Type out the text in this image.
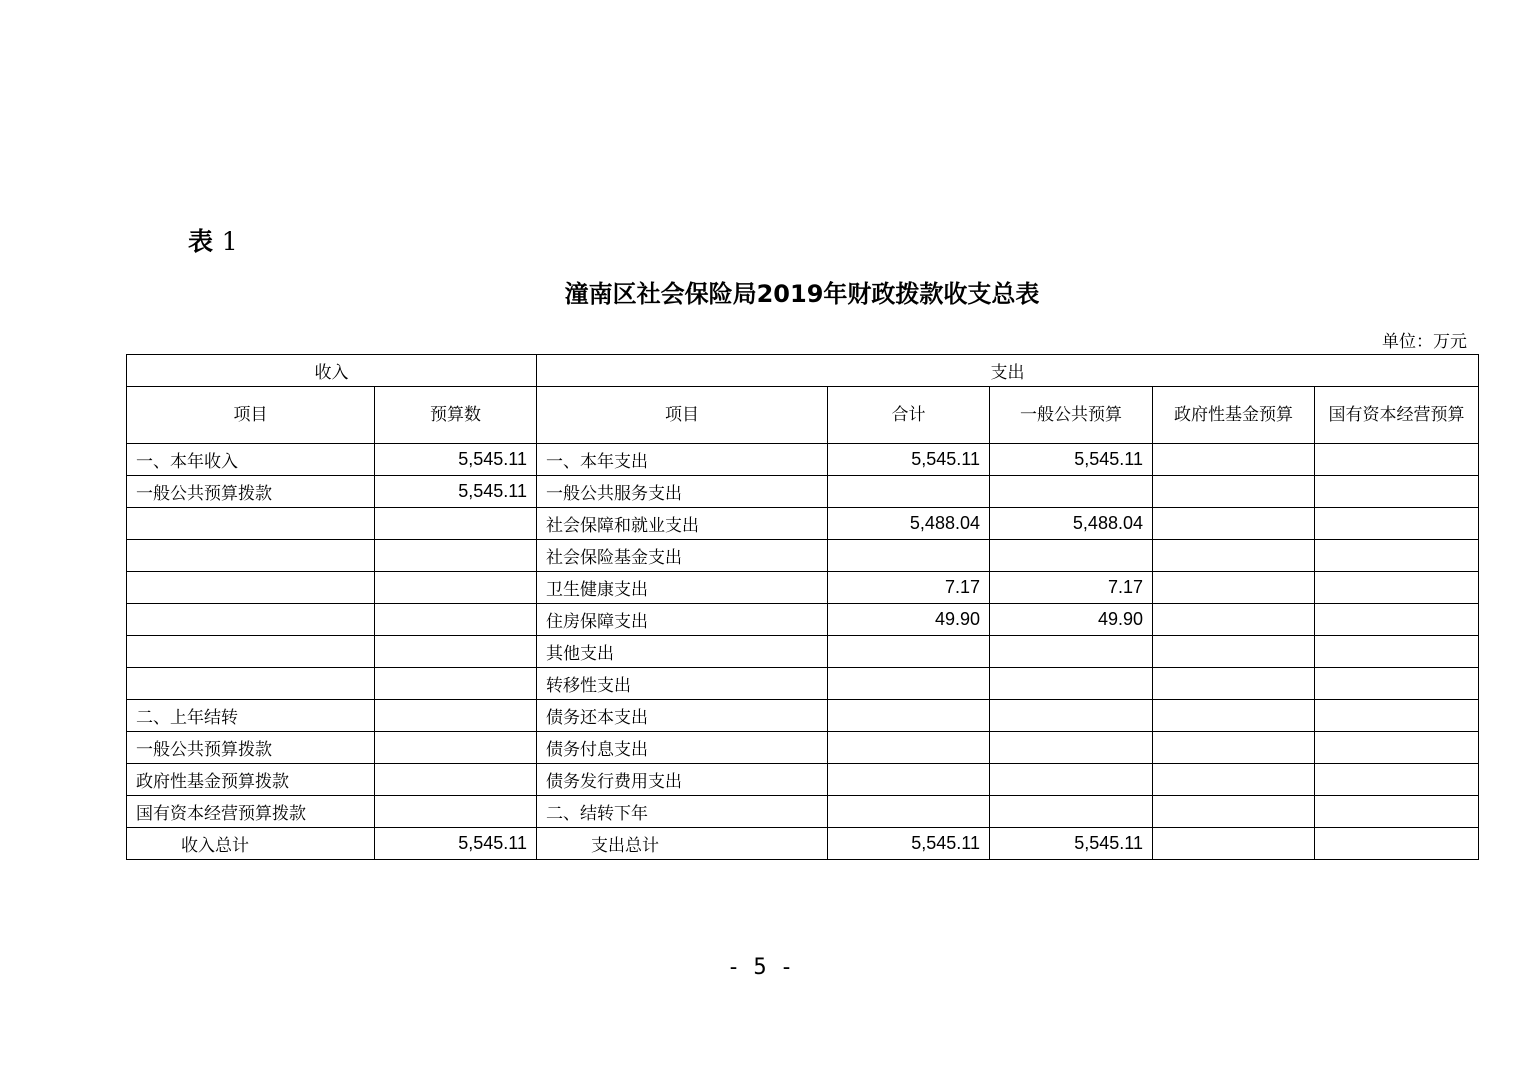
表 1
潼南区社会保险局2019年财政拨款收支总表
单位：万元
收入		支出				
项目	预算数	项目	合计	一般公共预算	政府性基金预算	国有资本经营预算
一、本年收入	5,545.11	一、本年支出	5,545.11	5,545.11		
一般公共预算拨款	5,545.11	一般公共服务支出				
		社会保障和就业支出	5,488.04	5,488.04		
		社会保险基金支出				
		卫生健康支出	7.17	7.17		
		住房保障支出	49.90	49.90		
		其他支出				
		转移性支出				
二、上年结转		债务还本支出				
一般公共预算拨款		债务付息支出				
政府性基金预算拨款		债务发行费用支出				
国有资本经营预算拨款		二、结转下年				
收入总计	5,545.11	支出总计	5,545.11	5,545.11		
- 5 -
